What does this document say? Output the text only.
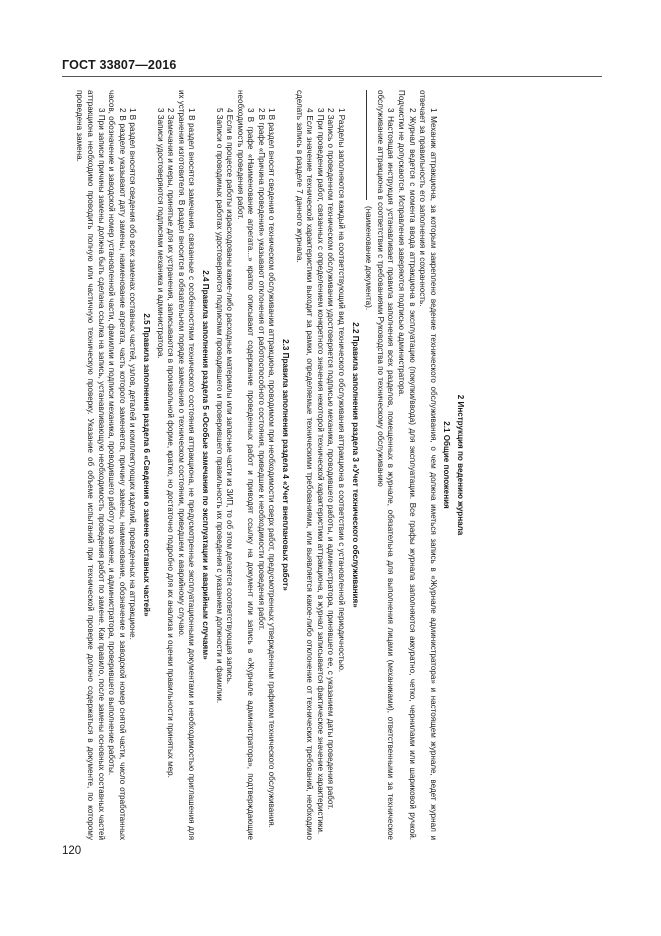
ГОСТ 33807—2016
2 Инструкция по ведению журнала
2.1 Общие положения

1 Механик аттракциона, за которым закреплено ведение технического обслуживания, о чем должна иметься запись в «Журнале администратора» и настоящем журнале, ведет журнал и отвечает за правильность его заполнения и сохранность.

2 Журнал ведется с момента ввода аттракциона в эксплуатацию (покупки/ввода) для эксплуатации. Все графы журнала заполняются аккуратно, четко, чернилами или шариковой ручкой. Подчистки не допускаются. Исправления заверяются подписью администратора.

3 Настоящая инструкция устанавливает правила заполнения всех разделов, помещенных в журнале, обязательна для выполнения лицами (механиками), ответственными за техническое обслуживание аттракциона в соответствии с требованиями Руководства по техническому обслуживанию

(наименование документа).

2.2 Правила заполнения раздела 3 «Учет технического обслуживания»

1 Разделы заполняются каждый на соответствующий вид технического обслуживания аттракциона в соответствии с установленной периодичностью.

2 Запись о проведенном техническом обслуживании удостоверяется подписью механика, проводившего работы, и администратора, принявшего ее, с указанием даты проведения работ.

3 При проведении работ, связанных с определением конкретного значения некоторой технической характеристики аттракциона, в журнал записывается фактическое значение характеристики.

4 Если значение технической характеристики выходит за рамки, определяемые техническими требованиями, или выявляется какое-либо отклонение от технических требований, необходимо сделать запись в разделе 7 данного журнала.

2.3 Правила заполнения раздела 4 «Учет внеплановых работ»

1 В раздел вносят сведения о техническом обслуживании аттракциона, проводимом при необходимости сверх работ, предусмотренных утвержденным графиком технического обслуживания.

2 В графе «Причина проведения» указывают отклонения от работоспособного состояния, приведшие к необходимости проведения работ.

3 В графе «Наименование агрегата...» кратко описывают содержание проведенных работ и приводят ссылку на документ или запись в «Журнале администратора», подтверждающие необходимость проведения работ.

4 Если в процессе работы израсходованы какие-либо расходные материалы или запасные части из ЗИП, то об этом делается соответствующая запись.

5 Записи о проводимых работах удостоверяются подписями проводившего и проверившего правильность их проведения с указанием должности и фамилии.

2.4 Правила заполнения раздела 5 «Особые замечания по эксплуатации и аварийным случаям»

1 В раздел вносятся замечания, связанные с особенностями технического состояния аттракциона, не предусмотренные эксплуатационными документами и необходимостью приглашения для их устранения изготовителя. В раздел вносится в обязательном порядке замечания о техническом состоянии, приведшем к аварийному случаю.

2 Замечания и меры, принятые для их устранения, записываются в произвольной форме, кратко, но достаточно подробно для их анализа и оценки правильности принятых мер.

3 Записи удостоверяются подписями механика и администратора.

2.5 Правила заполнения раздела 6 «Сведения о замене составных частей»

1 В раздел вносятся сведения обо всех заменах составных частей, узлов, деталей и комплектующих изделий, проведенных на аттракционе.

2 В разделе указывают дату замены, наименование агрегата, часть которого заменяется, причину замены, наименование, обозначение и заводской номер снятой части, число отработанных часов, обозначение и заводской номер установленной части, фамилии и подписи механика, проводившего работу по замене, и администратора, проверившего выполнение работы.

3 При записи причины замены должна быть сделана ссылка на запись, устанавливающую необходимость проведения работ по замене. Как правило, после замены основных составных частей аттракциона необходимо проводить полную или частичную техническую проверку. Указание об объеме испытаний при технической проверке должно содержаться в документе, по которому проведена замена.

120
